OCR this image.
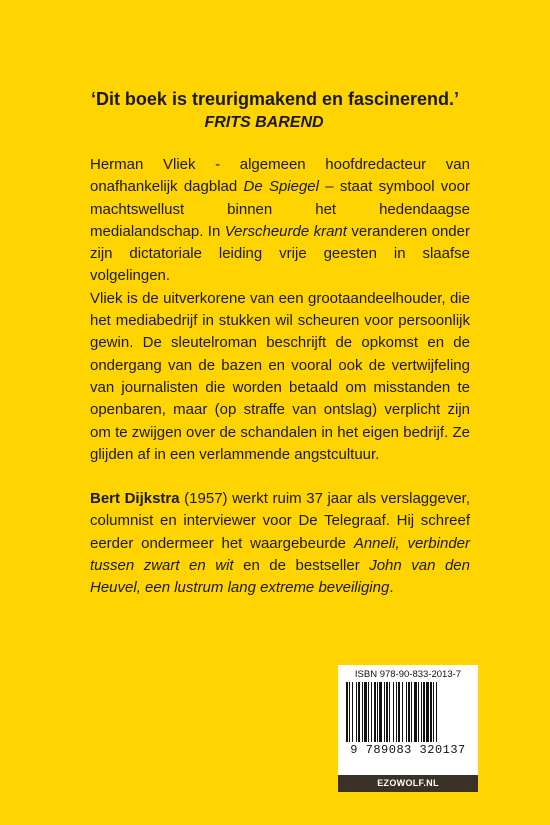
‘Dit boek is treurigmakend en fascinerend.’
FRITS BAREND

Herman Vliek - algemeen hoofdredacteur van onafhankelijk dagblad De Spiegel – staat symbool voor machtswellust binnen het hedendaagse medialandschap. In Verscheurde krant veranderen onder zijn dictatoriale leiding vrije geesten in slaafse volgelingen.

Vliek is de uitverkorene van een grootaandeelhouder, die het mediabedrijf in stukken wil scheuren voor persoonlijk gewin. De sleutelroman beschrijft de opkomst en de ondergang van de bazen en vooral ook de vertwijfeling van journalisten die worden betaald om misstanden te openbaren, maar (op straffe van ontslag) verplicht zijn om te zwijgen over de schandalen in het eigen bedrijf. Ze glijden af in een verlammende angstcultuur.

Bert Dijkstra (1957) werkt ruim 37 jaar als verslaggever, columnist en interviewer voor De Telegraaf. Hij schreef eerder ondermeer het waargebeurde Anneli, verbinder tussen zwart en wit en de bestseller John van den Heuvel, een lustrum lang extreme beveiliging.

ISBN 978-90-833-2013-7
9 789083 320137
EZOWOLF.NL
